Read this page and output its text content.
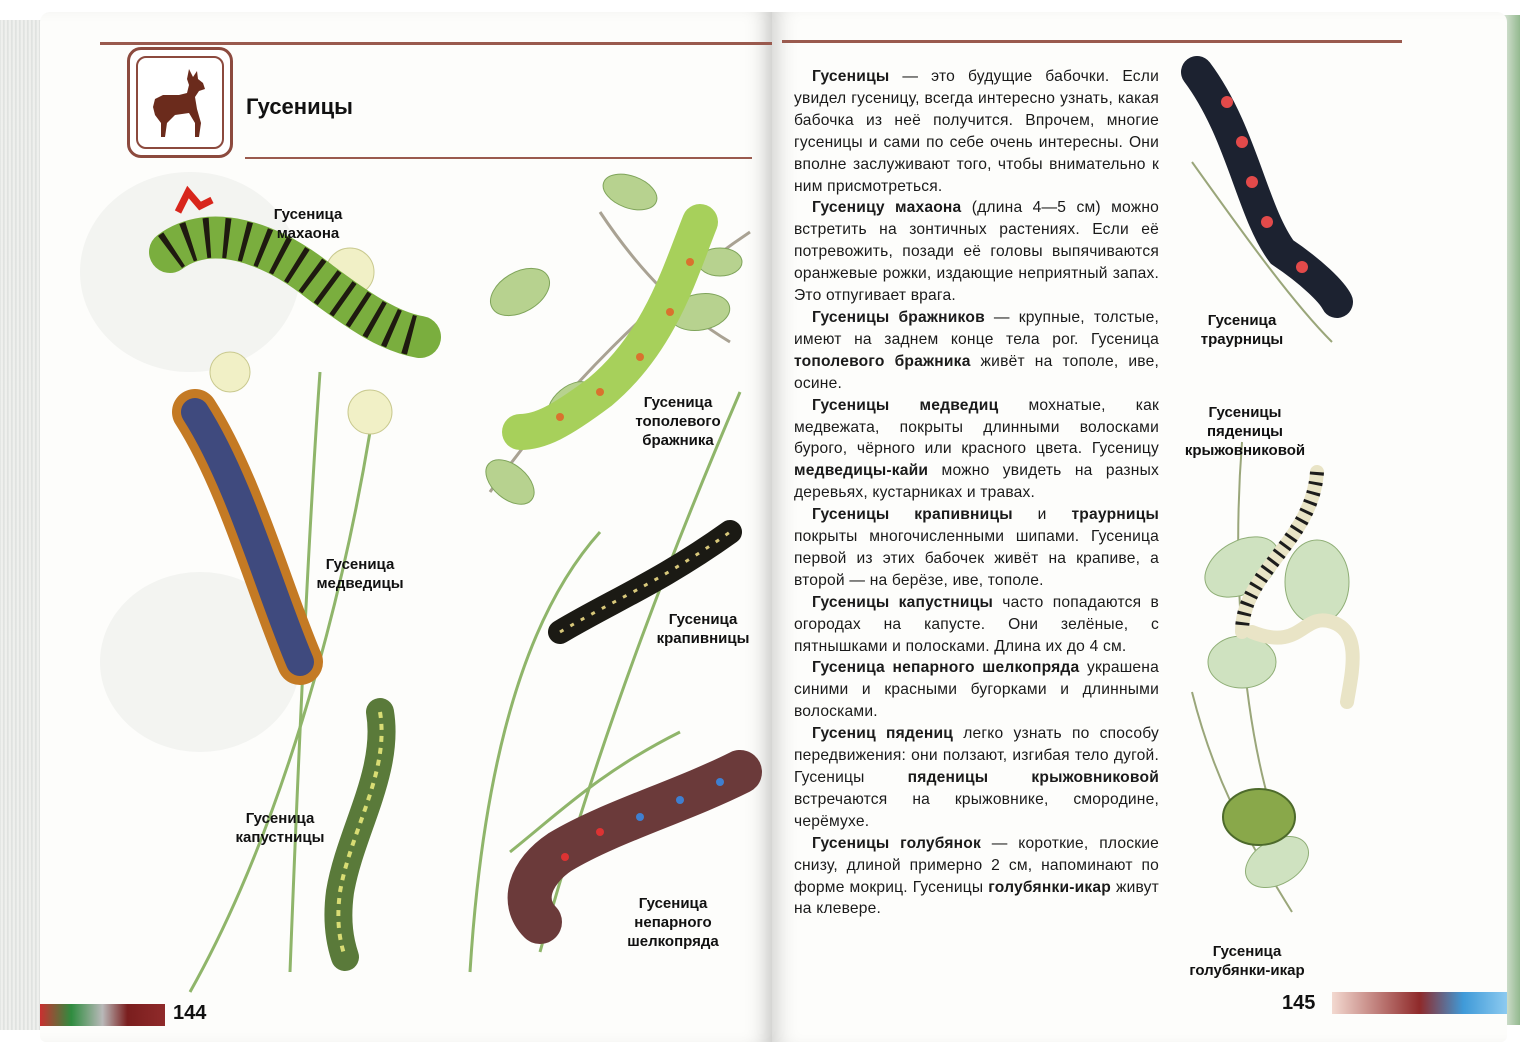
Гусеницы
Гусеница махаона
Гусеница тополевого бражника
Гусеница медведицы
Гусеница крапивницы
Гусеница капустницы
Гусеница непарного шелкопряда
144

Гусеницы — это будущие бабочки. Если увидел гусеницу, всегда интересно узнать, какая бабочка из неё получится. Впрочем, многие гусеницы и сами по себе очень интересны. Они вполне заслуживают того, чтобы внимательно к ним присмотреться.

Гусеницу махаона (длина 4—5 см) можно встретить на зонтичных растениях. Если её потревожить, позади её головы выпячиваются оранжевые рожки, издающие неприятный запах. Это отпугивает врага.

Гусеницы бражников — крупные, толстые, имеют на заднем конце тела рог. Гусеница тополевого бражника живёт на тополе, иве, осине.

Гусеницы медведиц мохнатые, как медвежата, покрыты длинными волосками бурого, чёрного или красного цвета. Гусеницу медведицы-кайи можно увидеть на разных деревьях, кустарниках и травах.

Гусеницы крапивницы и траурницы покрыты многочисленными шипами. Гусеница первой из этих бабочек живёт на крапиве, а второй — на берёзе, иве, тополе.

Гусеницы капустницы часто попадаются в огородах на капусте. Они зелёные, с пятнышками и полосками. Длина их до 4 см.

Гусеница непарного шелкопряда украшена синими и красными бугорками и длинными волосками.

Гусениц пядениц легко узнать по способу передвижения: они ползают, изгибая тело дугой. Гусеницы пяденицы крыжовниковой встречаются на крыжовнике, смородине, черёмухе.

Гусеницы голубянок — короткие, плоские снизу, длиной примерно 2 см, напоминают по форме мокриц. Гусеницы голубянки-икар живут на клевере.

Гусеница траурницы
Гусеницы пяденицы крыжовниковой
Гусеница голубянки-икар
145
